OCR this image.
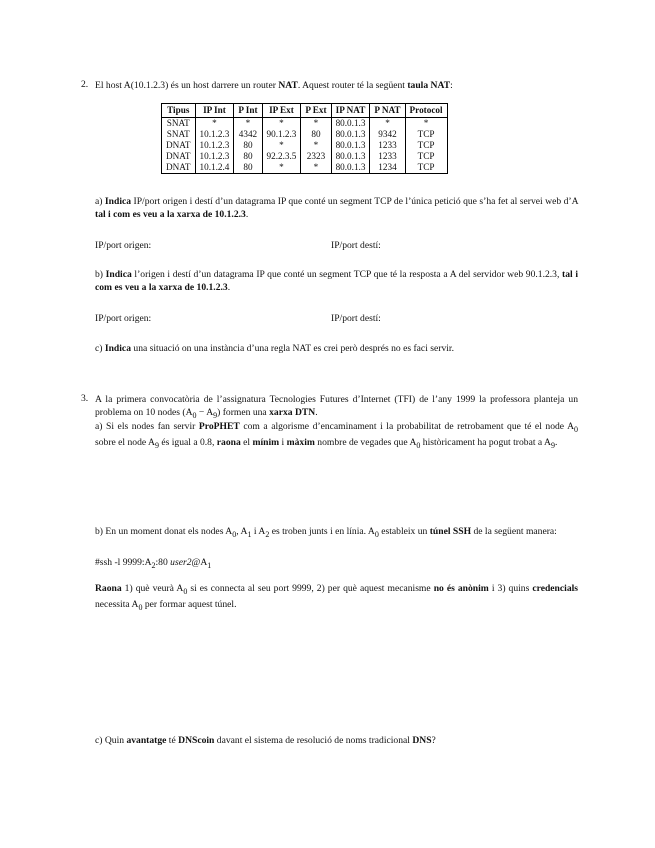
2. El host A(10.1.2.3) és un host darrere un router NAT. Aquest router té la següent taula NAT:
Tipus	IP Int	P Int	IP Ext	P Ext	IP NAT	P NAT	Protocol
SNAT	*	*	*	*	80.0.1.3	*	*
SNAT	10.1.2.3	4342	90.1.2.3	80	80.0.1.3	9342	TCP
DNAT	10.1.2.3	80	*	*	80.0.1.3	1233	TCP
DNAT	10.1.2.3	80	92.2.3.5	2323	80.0.1.3	1233	TCP
DNAT	10.1.2.4	80	*	*	80.0.1.3	1234	TCP
a) Indica IP/port origen i destí d’un datagrama IP que conté un segment TCP de l’única petició que s’ha fet al servei web d’A tal i com es veu a la xarxa de 10.1.2.3.
IP/port origen:	IP/port destí:
b) Indica l’origen i destí d’un datagrama IP que conté un segment TCP que té la resposta a A del servidor web 90.1.2.3, tal i com es veu a la xarxa de 10.1.2.3.
IP/port origen:	IP/port destí:
c) Indica una situació on una instància d’una regla NAT es crei però després no es faci servir.
3. A la primera convocatòria de l’assignatura Tecnologies Futures d’Internet (TFI) de l’any 1999 la professora planteja un problema on 10 nodes $(A_0 - A_9)$ formen una xarxa DTN.
a) Si els nodes fan servir ProPHET com a algorisme d’encaminament i la probabilitat de retrobament que té el node $A_0$ sobre el node $A_9$ és igual a 0.8, raona el mínim i màxim nombre de vegades que $A_0$ històricament ha pogut trobat a $A_9$.
b) En un moment donat els nodes $A_0$, $A_1$ i $A_2$ es troben junts i en línia. $A_0$ estableix un túnel SSH de la següent manera:
#ssh -l $9999:A_2:80$ $user2@A_1$
Raona 1) què veurà $A_0$ si es connecta al seu port 9999, 2) per què aquest mecanisme no és anònim i 3) quins credencials necessita $A_0$ per formar aquest túnel.
c) Quin avantatge té DNScoin davant el sistema de resolució de noms tradicional DNS?
